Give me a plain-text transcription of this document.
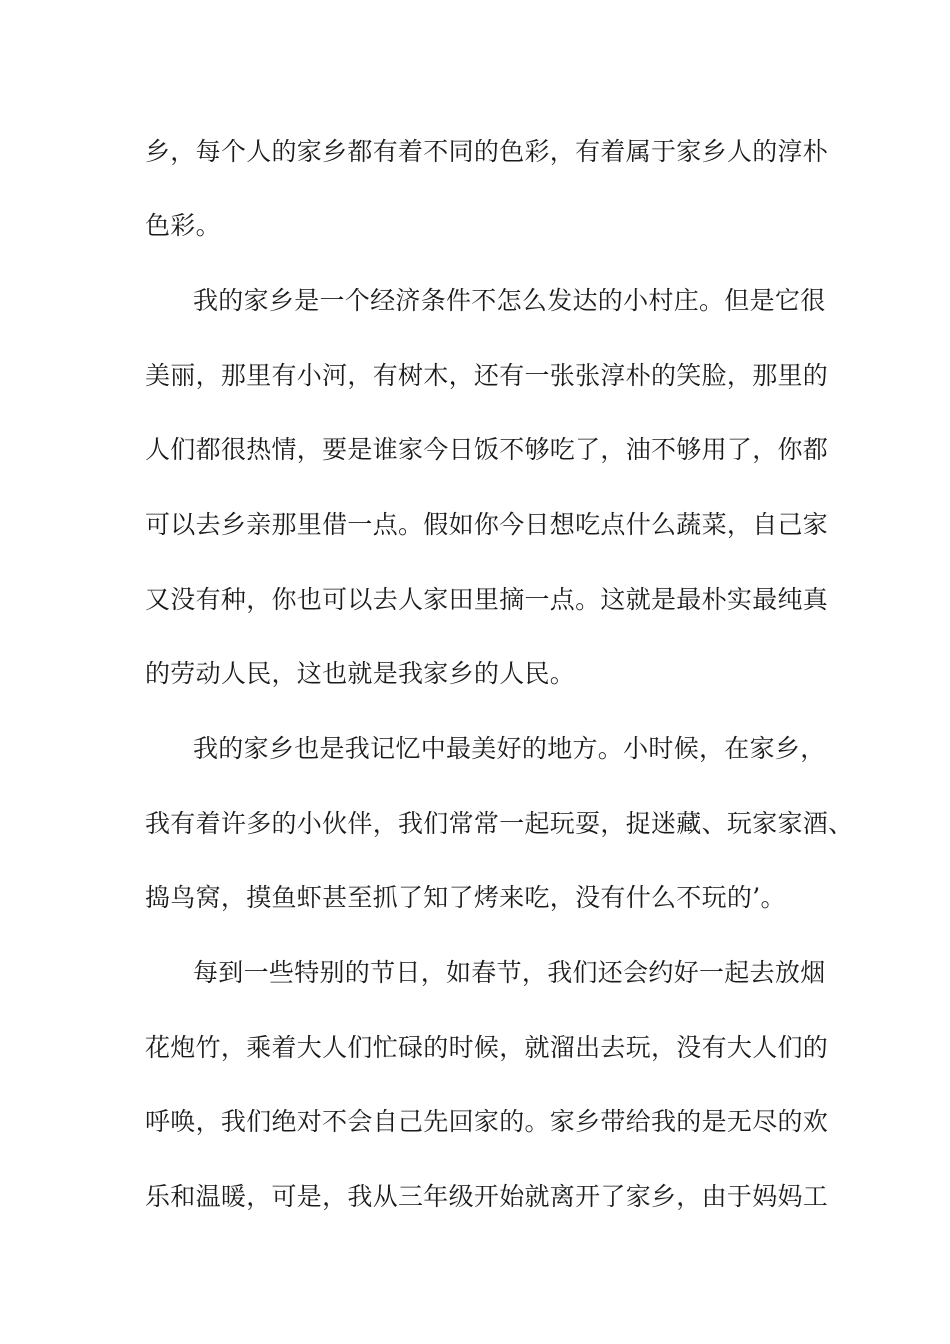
乡，每个人的家乡都有着不同的色彩，有着属于家乡人的淳朴
色彩。
我的家乡是一个经济条件不怎么发达的小村庄。但是它很
美丽，那里有小河，有树木，还有一张张淳朴的笑脸，那里的
人们都很热情，要是谁家今日饭不够吃了，油不够用了，你都
可以去乡亲那里借一点。假如你今日想吃点什么蔬菜，自己家
又没有种，你也可以去人家田里摘一点。这就是最朴实最纯真
的劳动人民，这也就是我家乡的人民。
我的家乡也是我记忆中最美好的地方。小时候，在家乡，
我有着许多的小伙伴，我们常常一起玩耍，捉迷藏、玩家家酒、
捣鸟窝，摸鱼虾甚至抓了知了烤来吃，没有什么不玩的’。
每到一些特别的节日，如春节，我们还会约好一起去放烟
花炮竹，乘着大人们忙碌的时候，就溜出去玩，没有大人们的
呼唤，我们绝对不会自己先回家的。家乡带给我的是无尽的欢
乐和温暖，可是，我从三年级开始就离开了家乡，由于妈妈工
